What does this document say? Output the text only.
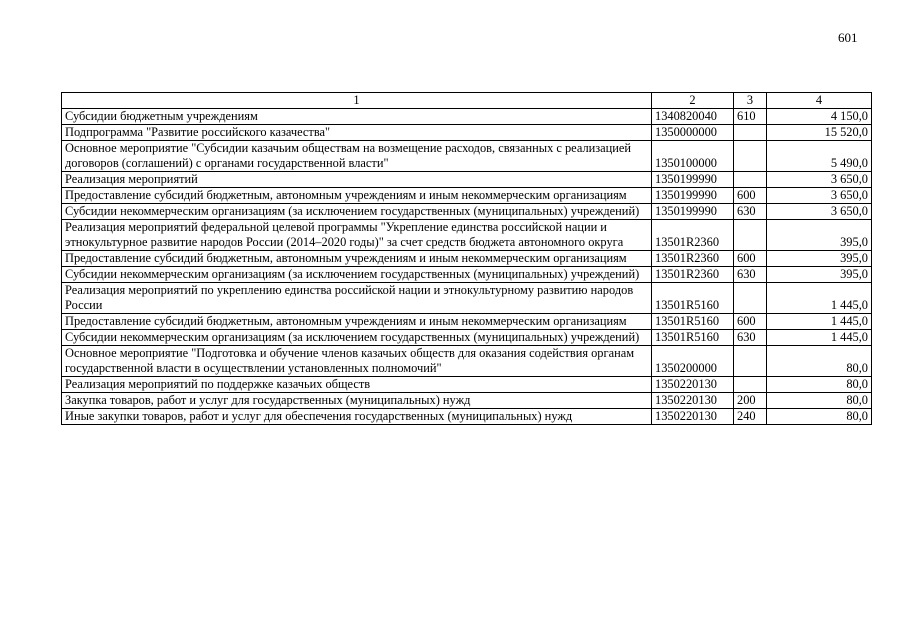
601
1	2	3	4
Субсидии бюджетным учреждениям	1340820040	610	4 150,0
Подпрограмма "Развитие российского казачества"	1350000000		15 520,0
Основное мероприятие "Субсидии казачьим обществам на возмещение расходов, связанных с реализацией договоров (соглашений) с органами государственной власти"	1350100000		5 490,0
Реализация мероприятий	1350199990		3 650,0
Предоставление субсидий бюджетным, автономным учреждениям и иным некоммерческим организациям	1350199990	600	3 650,0
Субсидии некоммерческим организациям (за исключением государственных (муниципальных) учреждений)	1350199990	630	3 650,0
Реализация мероприятий федеральной целевой программы "Укрепление единства российской нации и этнокультурное развитие народов России (2014–2020 годы)" за счет средств бюджета автономного округа	13501R2360		395,0
Предоставление субсидий бюджетным, автономным учреждениям и иным некоммерческим организациям	13501R2360	600	395,0
Субсидии некоммерческим организациям (за исключением государственных (муниципальных) учреждений)	13501R2360	630	395,0
Реализация мероприятий по укреплению единства российской нации и этнокультурному развитию народов России	13501R5160		1 445,0
Предоставление субсидий бюджетным, автономным учреждениям и иным некоммерческим организациям	13501R5160	600	1 445,0
Субсидии некоммерческим организациям (за исключением государственных (муниципальных) учреждений)	13501R5160	630	1 445,0
Основное мероприятие "Подготовка и обучение членов казачьих обществ для оказания содействия органам государственной власти в осуществлении установленных полномочий"	1350200000		80,0
Реализация мероприятий по поддержке казачьих обществ	1350220130		80,0
Закупка товаров, работ и услуг для государственных (муниципальных) нужд	1350220130	200	80,0
Иные закупки товаров, работ и услуг для обеспечения государственных (муниципальных) нужд	1350220130	240	80,0
